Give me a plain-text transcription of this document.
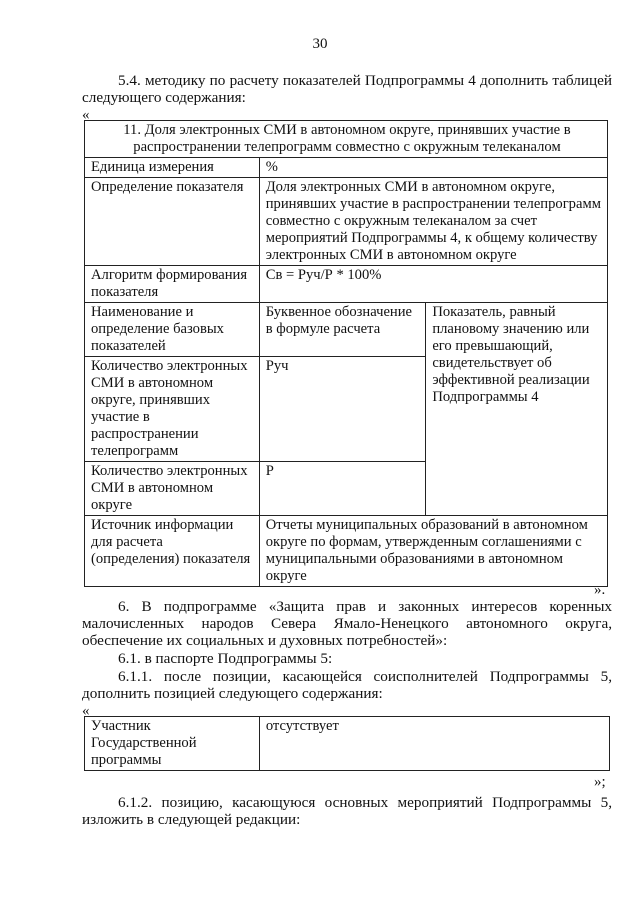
30
5.4. методику по расчету показателей Подпрограммы 4 дополнить таблицей следующего содержания:
«
11. Доля электронных СМИ в автономном округе, принявших участие в распространении телепрограмм совместно с окружным телеканалом		
Единица измерения	%	
Определение показателя	Доля электронных СМИ в автономном округе, принявших участие в распространении телепрограмм совместно с окружным телеканалом за счет мероприятий Подпрограммы 4, к общему количеству электронных СМИ в автономном округе	
Алгоритм формирования показателя	Св = Руч/Р * 100%	
Наименование и определение базовых показателей	Буквенное обозначение в формуле расчета	Показатель, равный плановому значению или его превышающий, свидетельствует об эффективной реализации Подпрограммы 4
Количество электронных СМИ в автономном округе, принявших участие в распространении телепрограмм	Руч	
Количество электронных СМИ в автономном округе	Р	
Источник информации для расчета (определения) показателя	Отчеты муниципальных образований в автономном округе по формам, утвержденным соглашениями с муниципальными образованиями в автономном округе	
».
6. В подпрограмме «Защита прав и законных интересов коренных малочисленных народов Севера Ямало-Ненецкого автономного округа, обеспечение их социальных и духовных потребностей»:
6.1. в паспорте Подпрограммы 5:
6.1.1. после позиции, касающейся соисполнителей Подпрограммы 5, дополнить позицией следующего содержания:
«
Участник Государственной программы	отсутствует
»;
6.1.2. позицию, касающуюся основных мероприятий Подпрограммы 5, изложить в следующей редакции:
